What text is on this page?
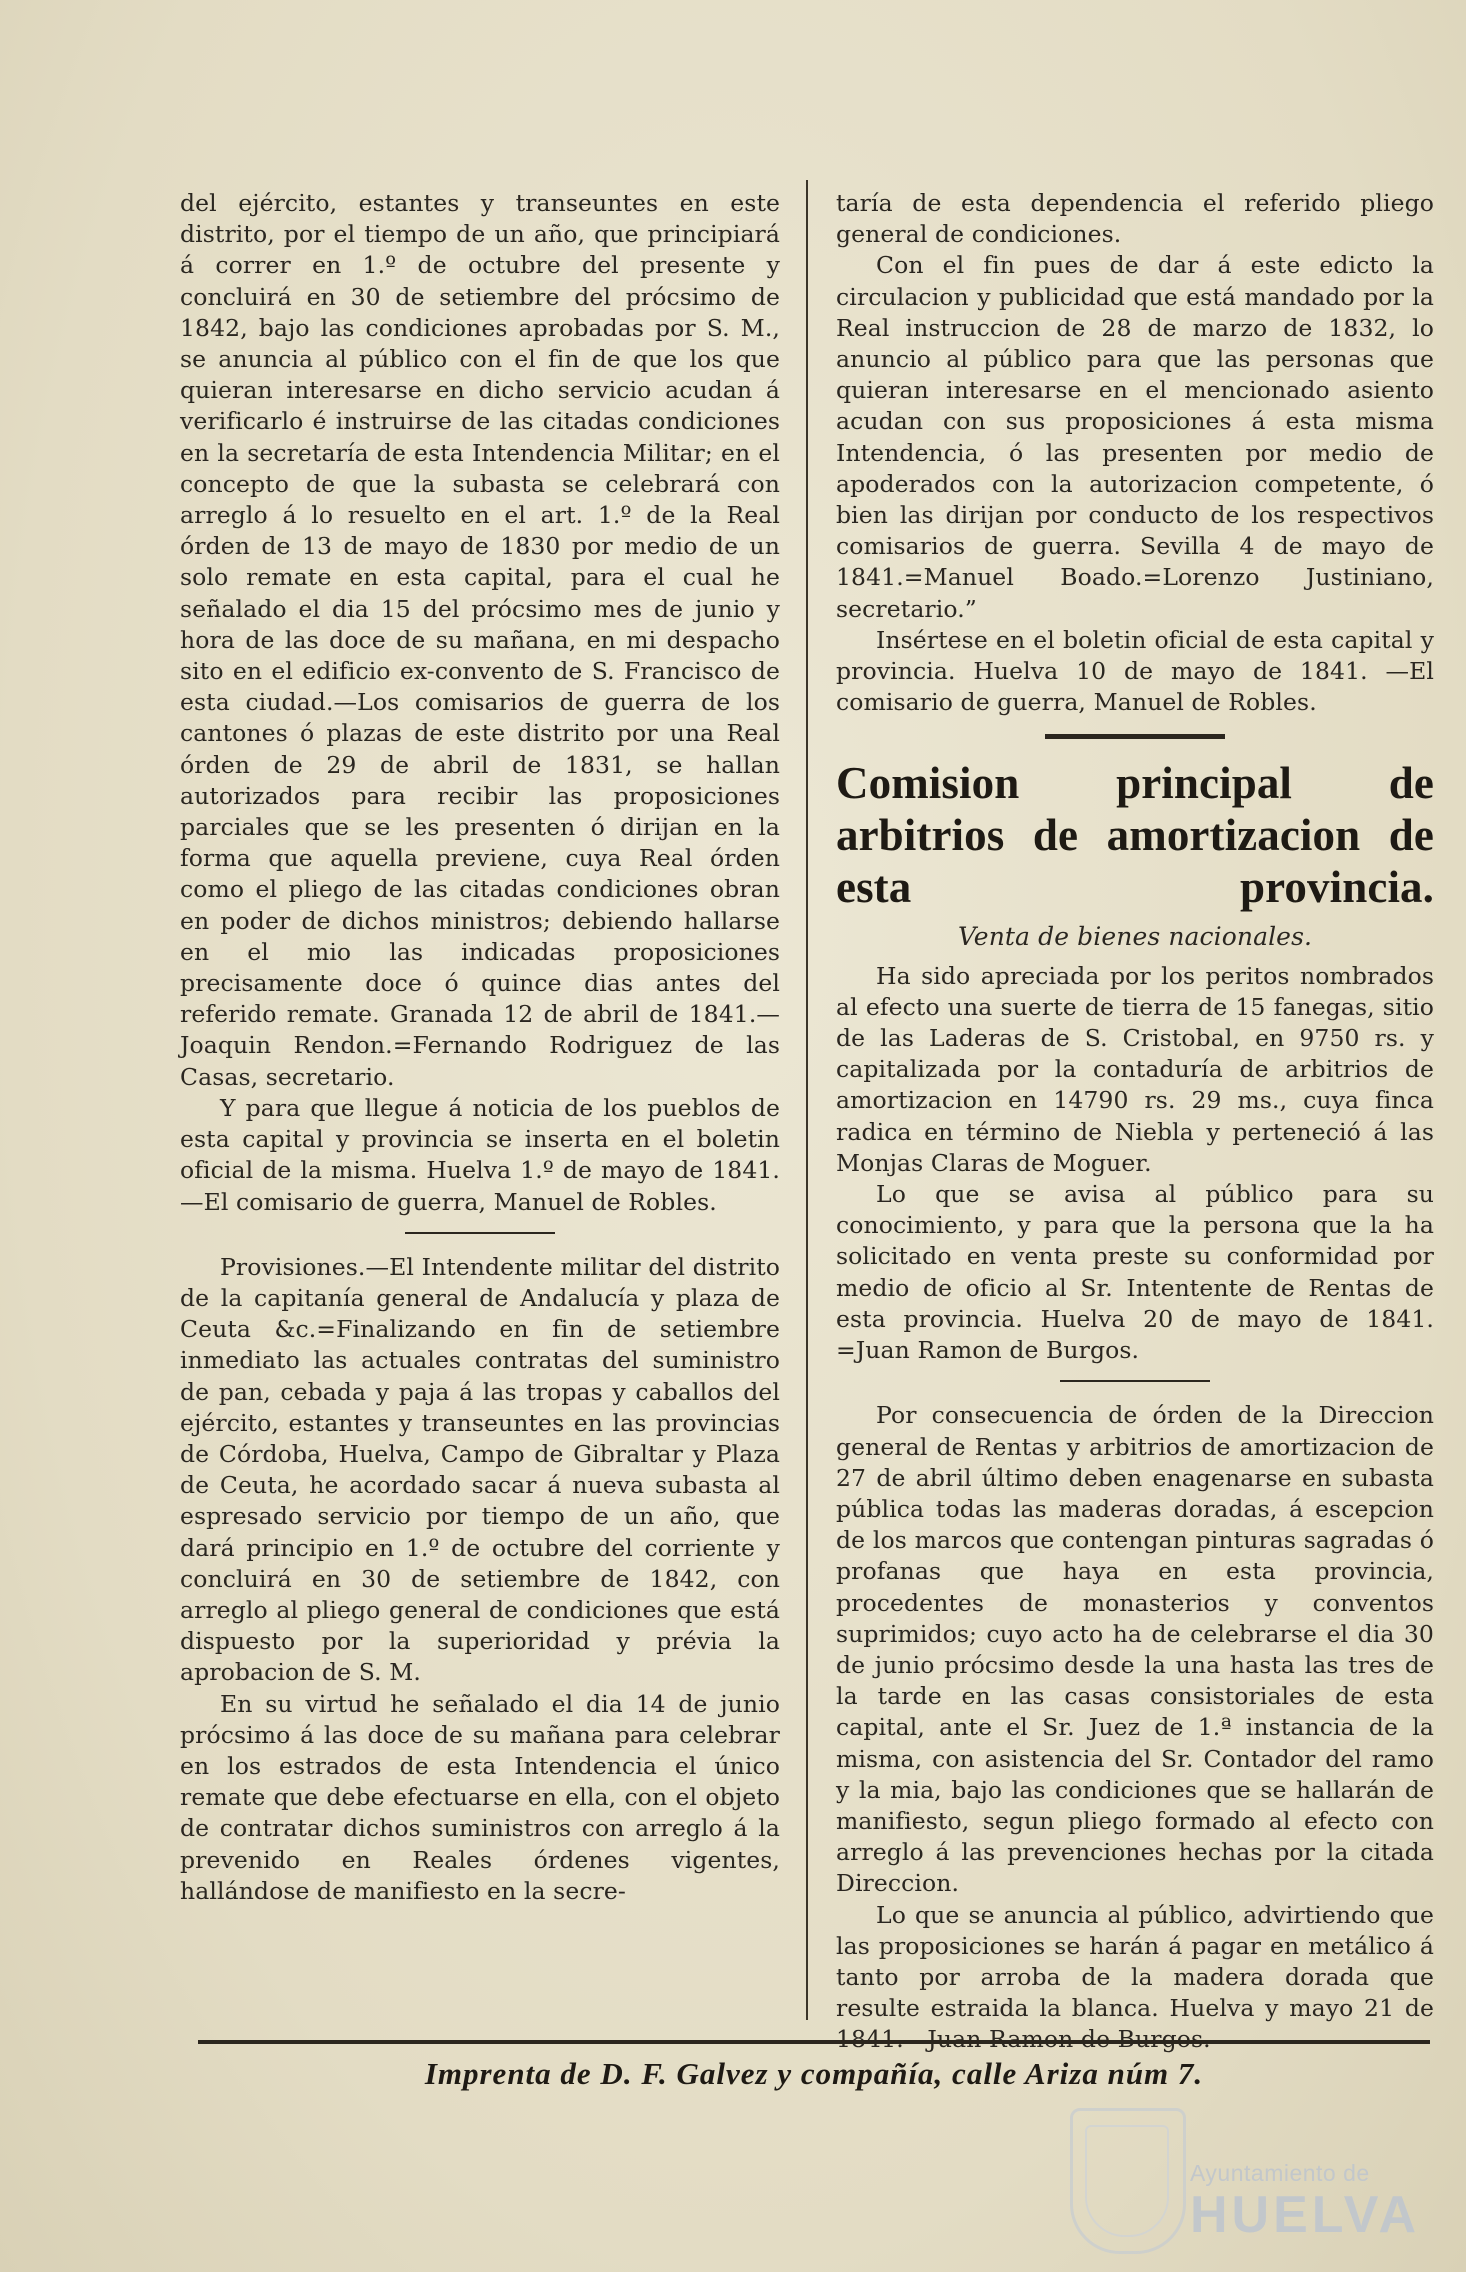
del ejército, estantes y transeuntes en este distrito, por el tiempo de un año, que principiará á correr en 1.º de octubre del presente y concluirá en 30 de setiembre del prócsimo de 1842, bajo las condiciones aprobadas por S. M., se anuncia al público con el fin de que los que quieran interesarse en dicho servicio acudan á verificarlo é instruirse de las citadas condiciones en la secretaría de esta Intendencia Militar; en el concepto de que la subasta se celebrará con arreglo á lo resuelto en el art. 1.º de la Real órden de 13 de mayo de 1830 por medio de un solo remate en esta capital, para el cual he señalado el dia 15 del prócsimo mes de junio y hora de las doce de su mañana, en mi despacho sito en el edificio ex-convento de S. Francisco de esta ciudad.—Los comisarios de guerra de los cantones ó plazas de este distrito por una Real órden de 29 de abril de 1831, se hallan autorizados para recibir las proposiciones parciales que se les presenten ó dirijan en la forma que aquella previene, cuya Real órden como el pliego de las citadas condiciones obran en poder de dichos ministros; debiendo hallarse en el mio las indicadas proposiciones precisamente doce ó quince dias antes del referido remate. Granada 12 de abril de 1841.—Joaquin Rendon.=Fernando Rodriguez de las Casas, secretario.

Y para que llegue á noticia de los pueblos de esta capital y provincia se inserta en el boletin oficial de la misma. Huelva 1.º de mayo de 1841.—El comisario de guerra, Manuel de Robles.

Provisiones.—El Intendente militar del distrito de la capitanía general de Andalucía y plaza de Ceuta &c.=Finalizando en fin de setiembre inmediato las actuales contratas del suministro de pan, cebada y paja á las tropas y caballos del ejército, estantes y transeuntes en las provincias de Córdoba, Huelva, Campo de Gibraltar y Plaza de Ceuta, he acordado sacar á nueva subasta al espresado servicio por tiempo de un año, que dará principio en 1.º de octubre del corriente y concluirá en 30 de setiembre de 1842, con arreglo al pliego general de condiciones que está dispuesto por la superioridad y prévia la aprobacion de S. M.

En su virtud he señalado el dia 14 de junio prócsimo á las doce de su mañana para celebrar en los estrados de esta Intendencia el único remate que debe efectuarse en ella, con el objeto de contratar dichos suministros con arreglo á la prevenido en Reales órdenes vigentes, hallándose de manifiesto en la secre-

taría de esta dependencia el referido pliego general de condiciones.

Con el fin pues de dar á este edicto la circulacion y publicidad que está mandado por la Real instruccion de 28 de marzo de 1832, lo anuncio al público para que las personas que quieran interesarse en el mencionado asiento acudan con sus proposiciones á esta misma Intendencia, ó las presenten por medio de apoderados con la autorizacion competente, ó bien las dirijan por conducto de los respectivos comisarios de guerra. Sevilla 4 de mayo de 1841.=Manuel Boado.=Lorenzo Justiniano, secretario.”

Insértese en el boletin oficial de esta capital y provincia. Huelva 10 de mayo de 1841. —El comisario de guerra, Manuel de Robles.

Comision principal de arbitrios de amortizacion de esta provincia.
Venta de bienes nacionales.

Ha sido apreciada por los peritos nombrados al efecto una suerte de tierra de 15 fanegas, sitio de las Laderas de S. Cristobal, en 9750 rs. y capitalizada por la contaduría de arbitrios de amortizacion en 14790 rs. 29 ms., cuya finca radica en término de Niebla y perteneció á las Monjas Claras de Moguer.

Lo que se avisa al público para su conocimiento, y para que la persona que la ha solicitado en venta preste su conformidad por medio de oficio al Sr. Intentente de Rentas de esta provincia. Huelva 20 de mayo de 1841. =Juan Ramon de Burgos.

Por consecuencia de órden de la Direccion general de Rentas y arbitrios de amortizacion de 27 de abril último deben enagenarse en subasta pública todas las maderas doradas, á escepcion de los marcos que contengan pinturas sagradas ó profanas que haya en esta provincia, procedentes de monasterios y conventos suprimidos; cuyo acto ha de celebrarse el dia 30 de junio prócsimo desde la una hasta las tres de la tarde en las casas consistoriales de esta capital, ante el Sr. Juez de 1.ª instancia de la misma, con asistencia del Sr. Contador del ramo y la mia, bajo las condiciones que se hallarán de manifiesto, segun pliego formado al efecto con arreglo á las prevenciones hechas por la citada Direccion.

Lo que se anuncia al público, advirtiendo que las proposiciones se harán á pagar en metálico á tanto por arroba de la madera dorada que resulte estraida la blanca. Huelva y mayo 21 de

Imprenta de D. F. Galvez y compañía, calle Ariza núm 7.
Ayuntamiento de
HUELVA
